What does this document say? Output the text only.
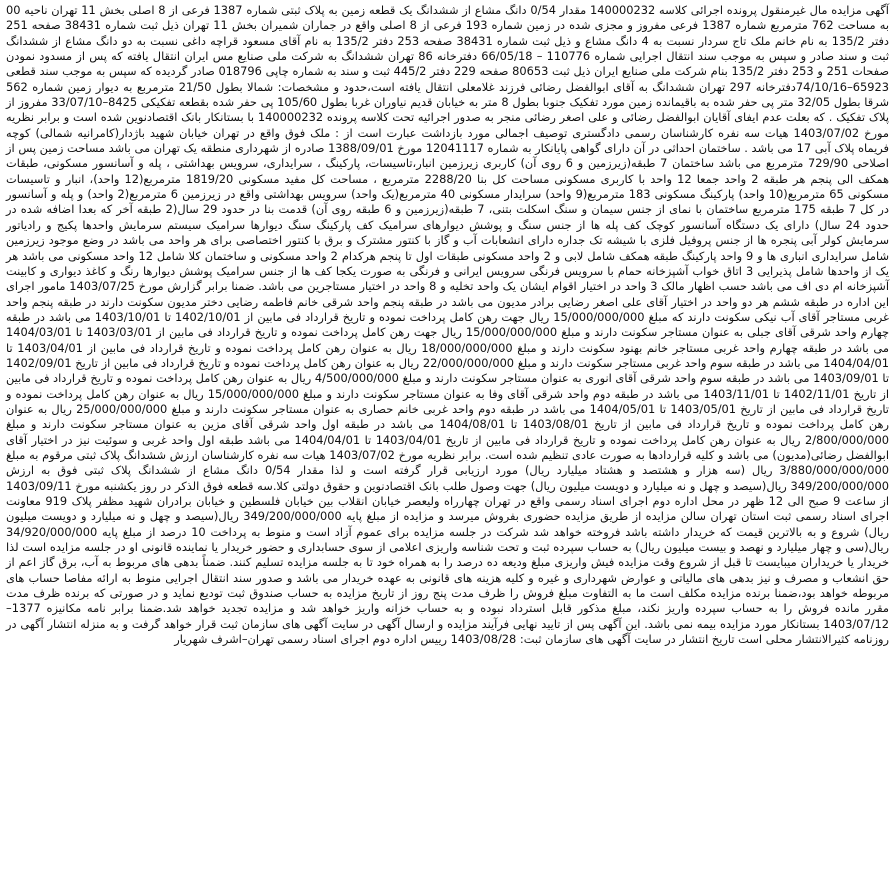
آگهی مزایده مال غیرمنقول پرونده اجرائی کلاسه 140000232 مقدار 0/54 دانگ مشاع از ششدانگ یک قطعه زمین به پلاک ثبتی شماره 1387 فرعی از 8 اصلی بخش 11 تهران ناحیه 00 به مساحت 762 مترمربع شماره 1387 فرعی مفروز و مجزی شده در زمین شماره 193 فرعی از 8 اصلی واقع در جماران شمیران بخش 11 تهران ذیل ثبت شماره 38431 صفحه 251 دفتر 135/2 به نام خانم ملک تاج سردار نسبت به 4 دانگ مشاع و ذیل ثبت شماره 38431 صفحه 253 دفتر 135/2 به نام آقای مسعود قراچه داغی نسبت به دو دانگ مشاع از ششدانگ ثبت و سند صادر و سپس به موجب سند انتقال اجرایی شماره 110776 – 66/05/18 دفترخانه 86 تهران ششدانگ به شرکت ملی صنایع مس ایران انتقال یافته که پس از مسدود نمودن صفحات 251 و 253 دفتر 135/2 بنام شرکت ملی صنایع ایران ذیل ثبت 80653 صفحه 229 دفتر 445/2 ثبت و سند به شماره چاپی 018796 صادر گردیده که سپس به موجب سند قطعی 65923–74/10/16دفترخانه 297 تهران ششدانگ به آقای ابوالفضل رضائی فرزند غلامعلی انتقال یافته است،حدود و مشخصات: شمالا بطول 21/50 مترمربع به دیوار زمین شماره 562 شرقا بطول 32/05 متر پی حفر شده به باقیمانده زمین مورد تفکیک جنوبا بطول 8 متر به خیابان قدیم نیاوران غربا بطول 105/60 پی حفر شده بقطعه تفکیکی 8425–33/07/10 مفروز از پلاک تفکیک . که بعلت عدم ایفای آقایان ابوالفضل رضائی و علی اصغر رضائی منجر به صدور اجرائیه تحت کلاسه پرونده 140000232 با بستانکار بانک اقتصادنوین شده است و برابر نظریه مورخ 1403/07/02 هیات سه نفره کارشناسان رسمی دادگستری توصیف اجمالی مورد بازداشت عبارت است از : ملک فوق واقع در تهران خیابان شهید باژدار(کامرانیه شمالی) کوچه فریماه پلاک آبی 17 می باشد . ساختمان احداثی در آن دارای گواهی پایانکار به شماره 12041117 مورخ 1388/09/01 صادره از شهرداری منطقه یک تهران می باشد مساحت زمین پس از اصلاحی 729/90 مترمربع می باشد ساختمان 7 طبقه(زیرزمین و 6 روی آن) کاربری زیرزمین انبار،تاسیسات، پارکینگ ، سرایداری، سرویس بهداشتی ، پله و آسانسور مسکونی، طبقات همکف الی پنجم هر طبقه 2 واحد جمعا 12 واحد با کاربری مسکونی مساحت کل بنا 2288/20 مترمربع ، مساحت کل مفید مسکونی 1819/20 مترمربع(12 واحد)، انبار و تاسیسات مسکونی 65 مترمربع(10 واحد) پارکینگ مسکونی 183 مترمربع(9 واحد) سرایدار مسکونی 40 مترمربع(یک واحد) سرویس بهداشتی واقع در زیرزمین 6 مترمربع(2 واحد) و پله و آسانسور در کل 7 طبقه 175 مترمربع ساختمان با نمای از جنس سیمان و سنگ اسکلت بتنی، 7 طبقه(زیرزمین و 6 طبقه روی آن) قدمت بنا در حدود 29 سال(2 طبقه آخر که بعدا اضافه شده در حدود 24 سال) دارای یک دستگاه آسانسور کوچک کف پله ها از جنس سنگ و پوشش دیوارهای سرامیک کف پارکینگ سنگ دیوارها سرامیک سیستم سرمایش واحدها پکیج و رادیاتور سرمایش کولر آبی پنجره ها از جنس پروفیل فلزی با شیشه تک جداره دارای انشعابات آب و گاز با کنتور مشترک و برق با کنتور اختصاصی برای هر واحد می باشد در وضع موجود زیرزمین شامل سرایداری انباری ها و 9 واحد پارکینگ طبقه همکف شامل لابی و 2 واحد مسکونی طبقات اول تا پنجم هرکدام 2 واحد مسکونی و ساختمان کلا شامل 12 واحد مسکونی می باشد هر یک از واحدها شامل پذیرایی 3 اتاق خواب آشپزخانه حمام با سرویس فرنگی سرویس ایرانی و فرنگی به صورت یکجا کف ها از جنس سرامیک پوشش دیوارها رنگ و کاغذ دیواری و کابینت آشپزخانه ام دی اف می باشد حسب اظهار مالک 3 واحد در اختیار اقوام ایشان یک واحد تخلیه و 8 واحد در اختیار مستاجرین می باشد. ضمنا برابر گزارش مورخ 1403/07/25 مامور اجرای این اداره در طبقه ششم هر دو واحد در اختیار آقای علی اصغر رضایی برادر مدیون می باشد در طبقه پنجم واحد شرقی خانم فاطمه رضایی دختر مدیون سکونت دارند در طبقه پنجم واحد غربی مستاجر آقای آب نیکی سکونت دارند که مبلغ 15/000/000/000 ریال جهت رهن کامل پرداخت نموده و تاریخ قرارداد فی مابین از 1402/10/01 تا 1403/10/01 می باشد در طبقه چهارم واحد شرقی آقای جبلی به عنوان مستاجر سکونت دارند و مبلغ 15/000/000/000 ریال جهت رهن کامل پرداخت نموده و تاریخ قرارداد فی مابین از 1403/03/01 تا 1404/03/01 می باشد در طبقه چهارم واحد غربی مستاجر خانم بهنود سکونت دارند و مبلغ 18/000/000/000 ریال به عنوان رهن کامل پرداخت نموده و تاریخ قرارداد فی مابین از 1403/04/01 تا 1404/04/01 می باشد در طبقه سوم واحد غربی مستاجر سکونت دارند و مبلغ 22/000/000/000 ریال به عنوان رهن کامل پرداخت نموده و تاریخ قرارداد فی مابین از تاریخ 1402/09/01 تا 1403/09/01 می باشد در طبقه سوم واحد شرقی آقای انوری به عنوان مستاجر سکونت دارند و مبلغ 4/500/000/000 ریال به عنوان رهن کامل پرداخت نموده و تاریخ قرارداد فی مابین از تاریخ 1402/11/01 تا 1403/11/01 می باشد در طبقه دوم واحد شرقی آقای وفا به عنوان مستاجر سکونت دارند و مبلغ 15/000/000/000 ریال به عنوان رهن کامل پرداخت نموده و تاریخ قرارداد فی مابین از تاریخ 1403/05/01 تا 1404/05/01 می باشد در طبقه دوم واحد غربی خانم حصاری به عنوان مستاجر سکونت دارند و مبلغ 25/000/000/000 ریال به عنوان رهن کامل پرداخت نموده و تاریخ قرارداد فی مابین از تاریخ 1403/08/01 تا 1404/08/01 می باشد در طبقه اول واحد شرقی آقای مزین به عنوان مستاجر سکونت دارند و مبلغ 2/800/000/000 ریال به عنوان رهن کامل پرداخت نموده و تاریخ قرارداد فی مابین از تاریخ 1403/04/01 تا 1404/04/01 می باشد طبقه اول واحد غربی و سوئیت نیز در اختیار آقای ابوالفضل رضائی(مدیون) می باشد و کلیه قراردادها به صورت عادی تنظیم شده است. برابر نظریه مورخ 1403/07/02 هیات سه نفره کارشناسان ارزش ششدانگ پلاک ثبتی مرقوم به مبلغ 3/880/000/000/000 ریال (سه هزار و هشتصد و هشتاد میلیارد ریال) مورد ارزیابی قرار گرفته است و لذا مقدار 0/54 دانگ مشاع از ششدانگ پلاک ثبتی فوق به ارزش 349/200/000/000 ریال(سیصد و چهل و نه میلیارد و دویست میلیون ریال) جهت وصول طلب بانک اقتصادنوین و حقوق دولتی کلا.سه قطعه فوق الذکر در روز یکشنبه مورخ 1403/09/11 از ساعت 9 صبح الی 12 ظهر در محل اداره دوم اجرای اسناد رسمی واقع در تهران چهارراه ولیعصر خیابان انقلاب بین خیابان فلسطین و خیابان برادران شهید مظفر پلاک 919 معاونت اجرای اسناد رسمی ثبت استان تهران سالن مزایده از طریق مزایده حضوری بفروش میرسد و مزایده از مبلغ پایه 349/200/000/000 ریال(سیصد و چهل و نه میلیارد و دویست میلیون ریال) شروع و به بالاترین قیمت که خریدار داشته باشد فروخته خواهد شد شرکت در جلسه مزایده برای عموم آزاد است و منوط به پرداخت 10 درصد از مبلغ پایه 34/920/000/000 ریال(سی و چهار میلیارد و نهصد و بیست میلیون ریال) به حساب سپرده ثبت و تحت شناسه واریزی اعلامی از سوی حسابداری و حضور خریدار یا نماینده قانونی او در جلسه مزایده است لذا خریدار یا خریداران میبایست تا قبل از شروع وقت مزایده فیش واریزی مبلغ ودیعه ده درصد را به همراه خود تا به جلسه مزایده تسلیم کنند. ضمناً بدهی های مربوط به آب، برق گاز اعم از حق انشعاب و مصرف و نیز بدهی های مالیاتی و عوارض شهرداری و غیره و کلیه هزینه های قانونی به عهده خریدار می باشد و صدور سند انتقال اجرایی منوط به ارائه مفاصا حساب های مربوطه خواهد بود،ضمنا برنده مزایده مکلف است ما به التفاوت مبلغ فروش را ظرف مدت پنج روز از تاریخ مزایده به حساب صندوق ثبت تودیع نماید و در صورتی که برنده ظرف مدت مقرر مانده فروش را به حساب سپرده واریز نکند، مبلغ مذکور قابل استرداد نبوده و به حساب خزانه واریز خواهد شد و مزایده تجدید خواهد شد.ضمنا برابر نامه مکانیزه 1377–1403/07/12 بستانکار مورد مزایده بیمه نمی باشد. این آگهی پس از تایید نهایی فرآیند مزایده و ارسال آگهی در سایت آگهی های سازمان ثبت قرار خواهد گرفت و به منزله انتشار آگهی در روزنامه کثیرالانتشار محلی است تاریخ انتشار در سایت آگهی های سازمان ثبت: 1403/08/28 رییس اداره دوم اجرای اسناد رسمی تهران–اشرف شهریار
